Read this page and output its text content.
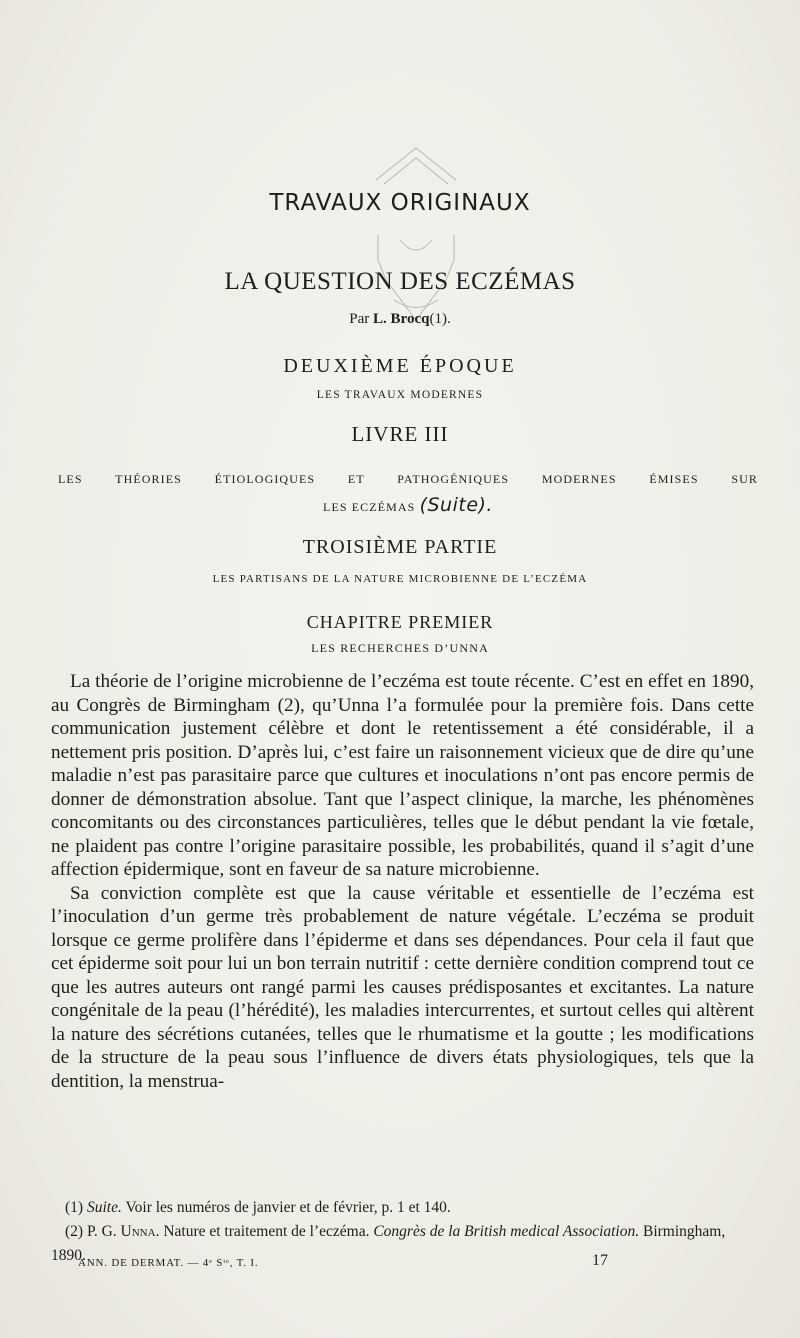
TRAVAUX ORIGINAUX
LA QUESTION DES ECZÉMAS
Par L. Brocq(1).
DEUXIÈME ÉPOQUE
LES TRAVAUX MODERNES
LIVRE III
LES THÉORIES ÉTIOLOGIQUES ET PATHOGÉNIQUES MODERNES ÉMISES SUR
LES ECZÉMAS (Suite).
TROISIÈME PARTIE
LES PARTISANS DE LA NATURE MICROBIENNE DE L’ECZÉMA
CHAPITRE PREMIER
LES RECHERCHES D’UNNA

La théorie de l’origine microbienne de l’eczéma est toute récente. C’est en effet en 1890, au Congrès de Birmingham (2), qu’Unna l’a formulée pour la première fois. Dans cette communication justement célèbre et dont le retentissement a été considérable, il a nettement pris position. D’après lui, c’est faire un raisonnement vicieux que de dire qu’une maladie n’est pas parasitaire parce que cultures et inoculations n’ont pas encore permis de donner de démonstration absolue. Tant que l’aspect clinique, la marche, les phénomènes concomitants ou des circonstances particulières, telles que le début pendant la vie fœtale, ne plaident pas contre l’origine parasitaire possible, les probabilités, quand il s’agit d’une affection épidermique, sont en faveur de sa nature microbienne.

Sa conviction complète est que la cause véritable et essentielle de l’eczéma est l’inoculation d’un germe très probablement de nature végétale. L’eczéma se produit lorsque ce germe prolifère dans l’épiderme et dans ses dépendances. Pour cela il faut que cet épiderme soit pour lui un bon terrain nutritif : cette dernière condition comprend tout ce que les autres auteurs ont rangé parmi les causes prédisposantes et excitantes. La nature congénitale de la peau (l’hérédité), les maladies intercurrentes, et surtout celles qui altèrent la nature des sécrétions cutanées, telles que le rhumatisme et la goutte ; les modifications de la structure de la peau sous l’influence de divers états physiologiques, tels que la dentition, la menstrua-

(1) Suite. Voir les numéros de janvier et de février, p. 1 et 140.

(2) P. G. Unna. Nature et traitement de l’eczéma. Congrès de la British medical Association. Birmingham, 1890.

ANN. DE DERMAT. — 4ᵉ Sᵗᵉ, T. I.	17
